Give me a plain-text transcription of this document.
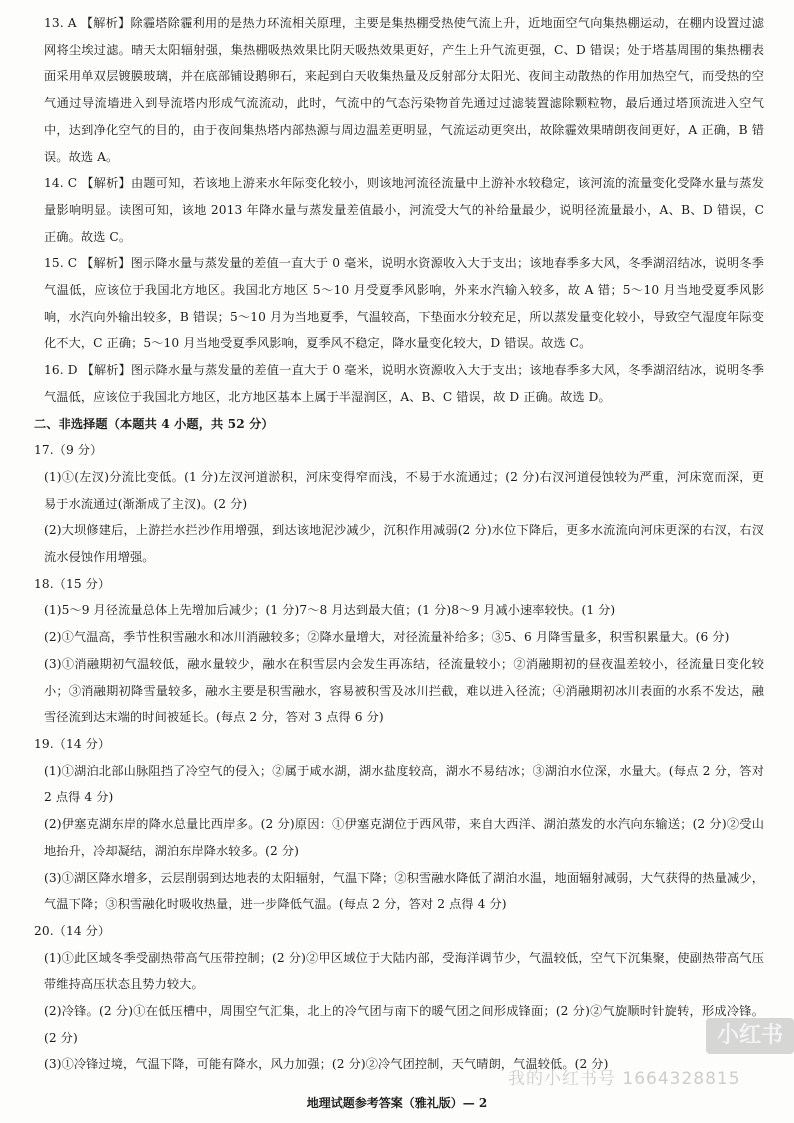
13. A 【解析】除霾塔除霾利用的是热力环流相关原理，主要是集热棚受热使气流上升，近地面空气向集热棚运动，在棚内设置过滤网将尘埃过滤。晴天太阳辐射强，集热棚吸热效果比阴天吸热效果更好，产生上升气流更强，C、D 错误；处于塔基周围的集热棚表面采用单双层镀膜玻璃，并在底部铺设鹅卵石，来起到白天收集热量及反射部分太阳光、夜间主动散热的作用加热空气，而受热的空气通过导流墙进入到导流塔内形成气流流动，此时，气流中的气态污染物首先通过过滤装置滤除颗粒物，最后通过塔顶流进入空气中，达到净化空气的目的，由于夜间集热塔内部热源与周边温差更明显，气流运动更突出，故除霾效果晴朗夜间更好，A 正确，B 错误。故选 A。

14. C 【解析】由题可知，若该地上游来水年际变化较小，则该地河流径流量中上游补水较稳定，该河流的流量变化受降水量与蒸发量影响明显。读图可知，该地 2013 年降水量与蒸发量差值最小，河流受大气的补给量最少，说明径流量最小，A、B、D 错误，C 正确。故选 C。

15. C 【解析】图示降水量与蒸发量的差值一直大于 0 毫米，说明水资源收入大于支出；该地春季多大风，冬季湖沼结冰，说明冬季气温低，应该位于我国北方地区。我国北方地区 5～10 月受夏季风影响，外来水汽输入较多，故 A 错；5～10 月当地受夏季风影响，水汽向外输出较多，B 错误；5～10 月为当地夏季，气温较高，下垫面水分较充足，所以蒸发量变化较小，导致空气湿度年际变化不大，C 正确；5～10 月当地受夏季风影响，夏季风不稳定，降水量变化较大，D 错误。故选 C。

16. D 【解析】图示降水量与蒸发量的差值一直大于 0 毫米，说明水资源收入大于支出；该地春季多大风，冬季湖沼结冰，说明冬季气温低，应该位于我国北方地区，北方地区基本上属于半湿润区，A、B、C 错误，故 D 正确。故选 D。

二、非选择题（本题共 4 小题，共 52 分）

17.（9 分）

(1)①(左汊)分流比变低。(1 分)左汊河道淤积，河床变得窄而浅，不易于水流通过；(2 分)右汊河道侵蚀较为严重，河床宽而深，更易于水流通过(渐渐成了主汊)。(2 分)

(2)大坝修建后，上游拦水拦沙作用增强，到达该地泥沙减少，沉积作用减弱(2 分)水位下降后，更多水流流向河床更深的右汊，右汊流水侵蚀作用增强。

18.（15 分）

(1)5～9 月径流量总体上先增加后减少；(1 分)7～8 月达到最大值；(1 分)8～9 月减小速率较快。(1 分)

(2)①气温高，季节性积雪融水和冰川消融较多；②降水量增大，对径流量补给多；③5、6 月降雪量多，积雪积累量大。(6 分)

(3)①消融期初气温较低，融水量较少，融水在积雪层内会发生再冻结，径流量较小；②消融期初的昼夜温差较小，径流量日变化较小；③消融期初降雪量较多，融水主要是积雪融水，容易被积雪及冰川拦截，难以进入径流；④消融期初冰川表面的水系不发达，融雪径流到达末端的时间被延长。(每点 2 分，答对 3 点得 6 分)

19.（14 分）

(1)①湖泊北部山脉阻挡了冷空气的侵入；②属于咸水湖，湖水盐度较高，湖水不易结冰；③湖泊水位深，水量大。(每点 2 分，答对 2 点得 4 分)

(2)伊塞克湖东岸的降水总量比西岸多。(2 分)原因：①伊塞克湖位于西风带，来自大西洋、湖泊蒸发的水汽向东输送；(2 分)②受山地抬升，冷却凝结，湖泊东岸降水较多。(2 分)

(3)①湖区降水增多，云层削弱到达地表的太阳辐射，气温下降；②积雪融水降低了湖泊水温，地面辐射减弱，大气获得的热量减少，气温下降；③积雪融化时吸收热量，进一步降低气温。(每点 2 分，答对 2 点得 4 分)

20.（14 分）

(1)①此区域冬季受副热带高气压带控制；(2 分)②甲区域位于大陆内部，受海洋调节少，气温较低，空气下沉集聚，使副热带高气压带维持高压状态且势力较大。

(2)冷锋。(2 分)①在低压槽中，周围空气汇集，北上的冷气团与南下的暖气团之间形成锋面；(2 分)②气旋顺时针旋转，形成冷锋。(2 分)

(3)①冷锋过境，气温下降，可能有降水，风力加强；(2 分)②冷气团控制，天气晴朗，气温较低。(2 分)

小红书
我的小红书号 1664328815
地理试题参考答案（雅礼版）— 2
